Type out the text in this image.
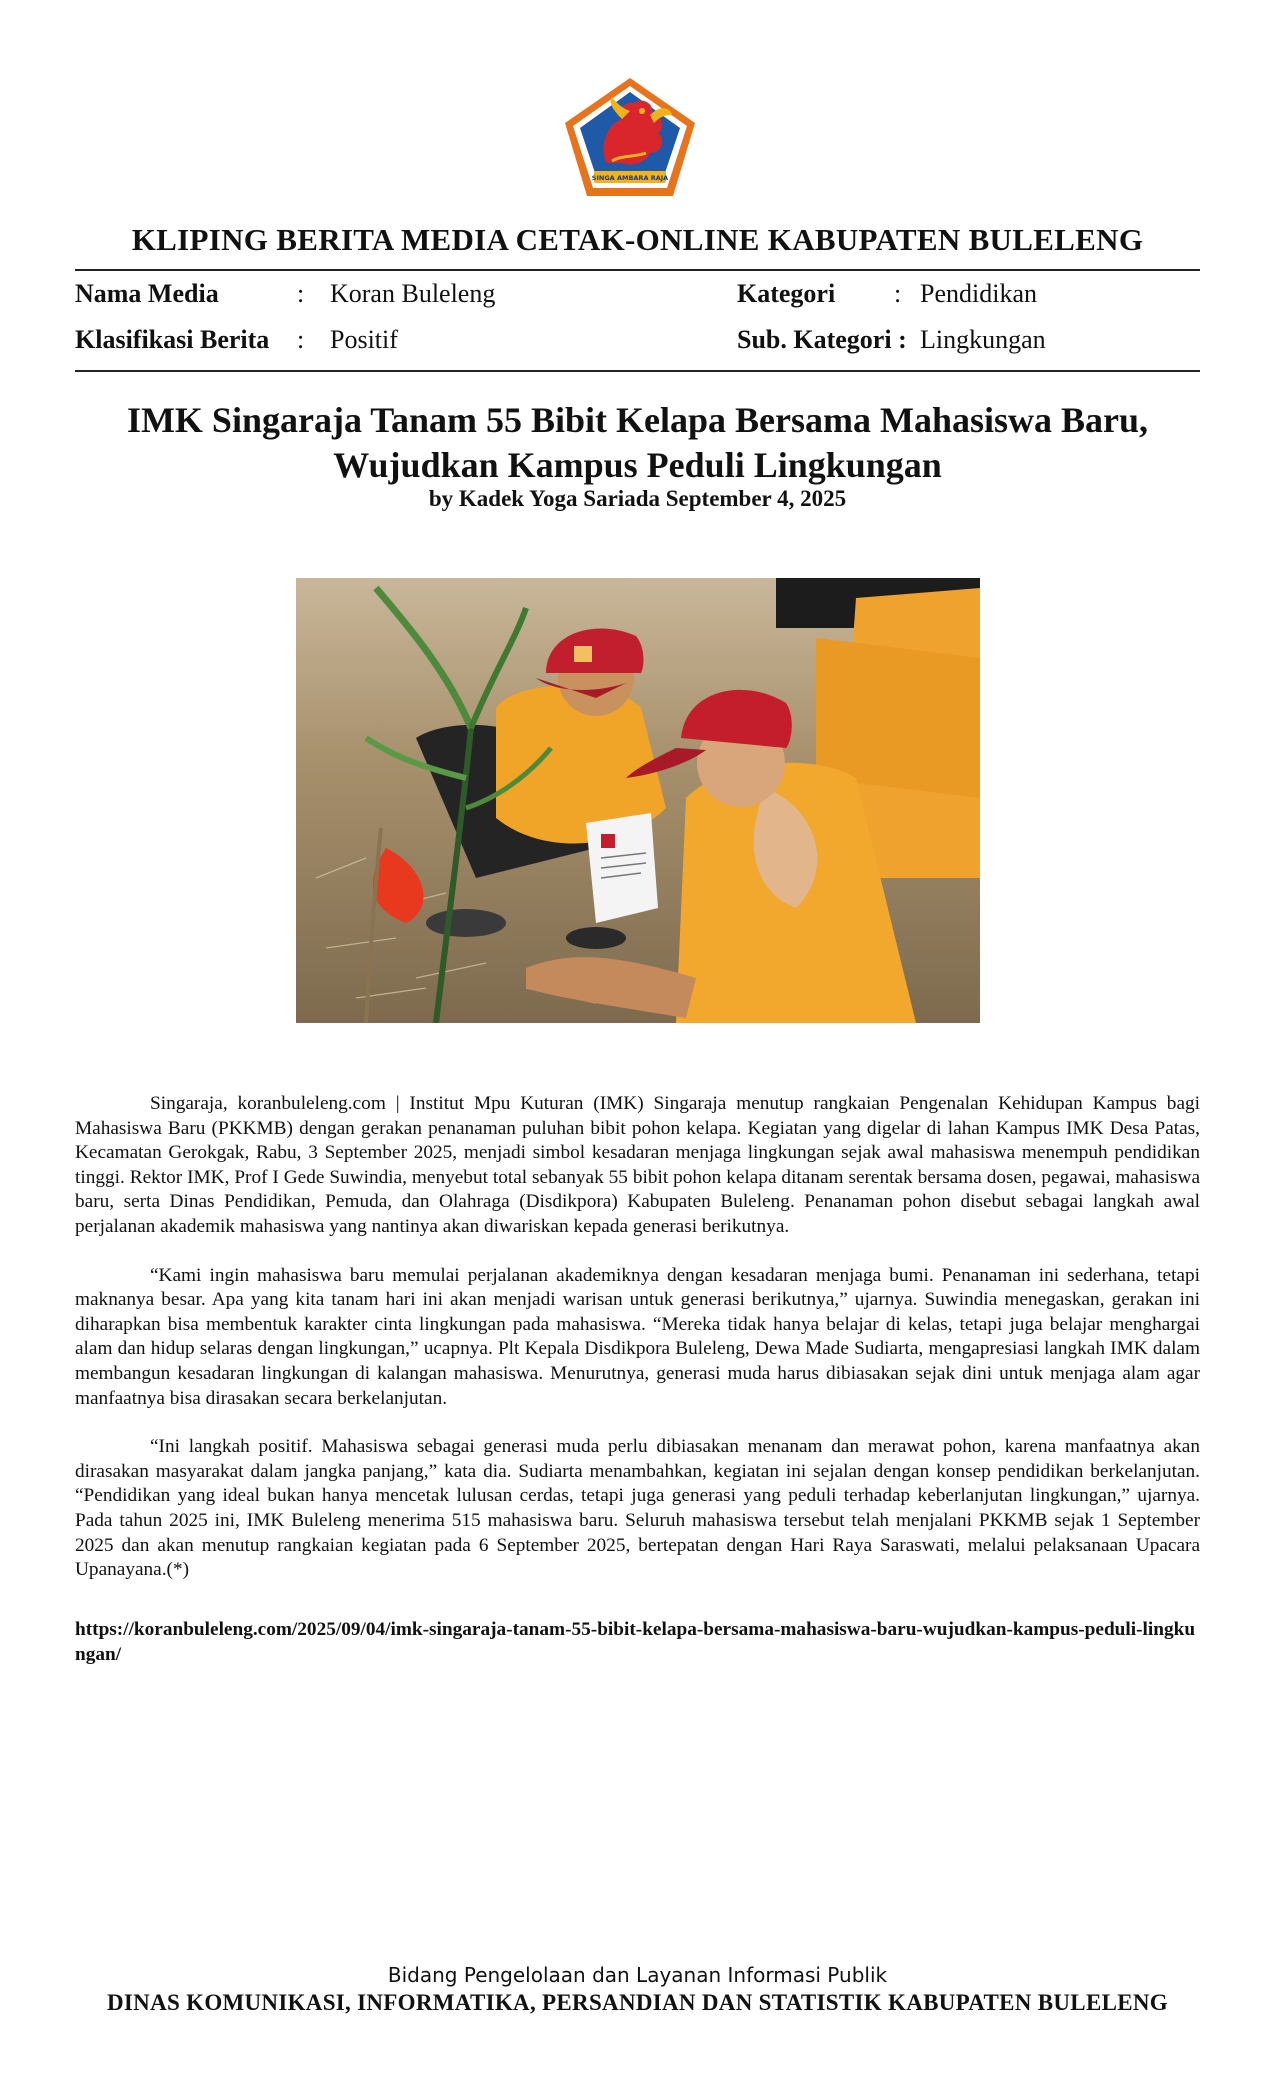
SINGA AMBARA RAJA
KLIPING BERITA MEDIA CETAK-ONLINE KABUPATEN BULELENG
Nama Media	: Koran Buleleng
Klasifikasi Berita : Positif
Kategori : Pendidikan
Sub. Kategori : Lingkungan
IMK Singaraja Tanam 55 Bibit Kelapa Bersama Mahasiswa Baru,
Wujudkan Kampus Peduli Lingkungan
by Kadek Yoga Sariada September 4, 2025

Singaraja, koranbuleleng.com | Institut Mpu Kuturan (IMK) Singaraja menutup rangkaian Pengenalan Kehidupan Kampus bagi Mahasiswa Baru (PKKMB) dengan gerakan penanaman puluhan bibit pohon kelapa. Kegiatan yang digelar di lahan Kampus IMK Desa Patas, Kecamatan Gerokgak, Rabu, 3 September 2025, menjadi simbol kesadaran menjaga lingkungan sejak awal mahasiswa menempuh pendidikan tinggi. Rektor IMK, Prof I Gede Suwindia, menyebut total sebanyak 55 bibit pohon kelapa ditanam serentak bersama dosen, pegawai, mahasiswa baru, serta Dinas Pendidikan, Pemuda, dan Olahraga (Disdikpora) Kabupaten Buleleng. Penanaman pohon disebut sebagai langkah awal perjalanan akademik mahasiswa yang nantinya akan diwariskan kepada generasi berikutnya.

“Kami ingin mahasiswa baru memulai perjalanan akademiknya dengan kesadaran menjaga bumi. Penanaman ini sederhana, tetapi maknanya besar. Apa yang kita tanam hari ini akan menjadi warisan untuk generasi berikutnya,” ujarnya. Suwindia menegaskan, gerakan ini diharapkan bisa membentuk karakter cinta lingkungan pada mahasiswa. “Mereka tidak hanya belajar di kelas, tetapi juga belajar menghargai alam dan hidup selaras dengan lingkungan,” ucapnya. Plt Kepala Disdikpora Buleleng, Dewa Made Sudiarta, mengapresiasi langkah IMK dalam membangun kesadaran lingkungan di kalangan mahasiswa. Menurutnya, generasi muda harus dibiasakan sejak dini untuk menjaga alam agar manfaatnya bisa dirasakan secara berkelanjutan.

“Ini langkah positif. Mahasiswa sebagai generasi muda perlu dibiasakan menanam dan merawat pohon, karena manfaatnya akan dirasakan masyarakat dalam jangka panjang,” kata dia. Sudiarta menambahkan, kegiatan ini sejalan dengan konsep pendidikan berkelanjutan. “Pendidikan yang ideal bukan hanya mencetak lulusan cerdas, tetapi juga generasi yang peduli terhadap keberlanjutan lingkungan,” ujarnya. Pada tahun 2025 ini, IMK Buleleng menerima 515 mahasiswa baru. Seluruh mahasiswa tersebut telah menjalani PKKMB sejak 1 September 2025 dan akan menutup rangkaian kegiatan pada 6 September 2025, bertepatan dengan Hari Raya Saraswati, melalui pelaksanaan Upacara Upanayana.(*)

https://koranbuleleng.com/2025/09/04/imk-singaraja-tanam-55-bibit-kelapa-bersama-mahasiswa-baru-wujudkan-kampus-peduli-lingkungan/
Bidang Pengelolaan dan Layanan Informasi Publik
DINAS KOMUNIKASI, INFORMATIKA, PERSANDIAN DAN STATISTIK KABUPATEN BULELENG
